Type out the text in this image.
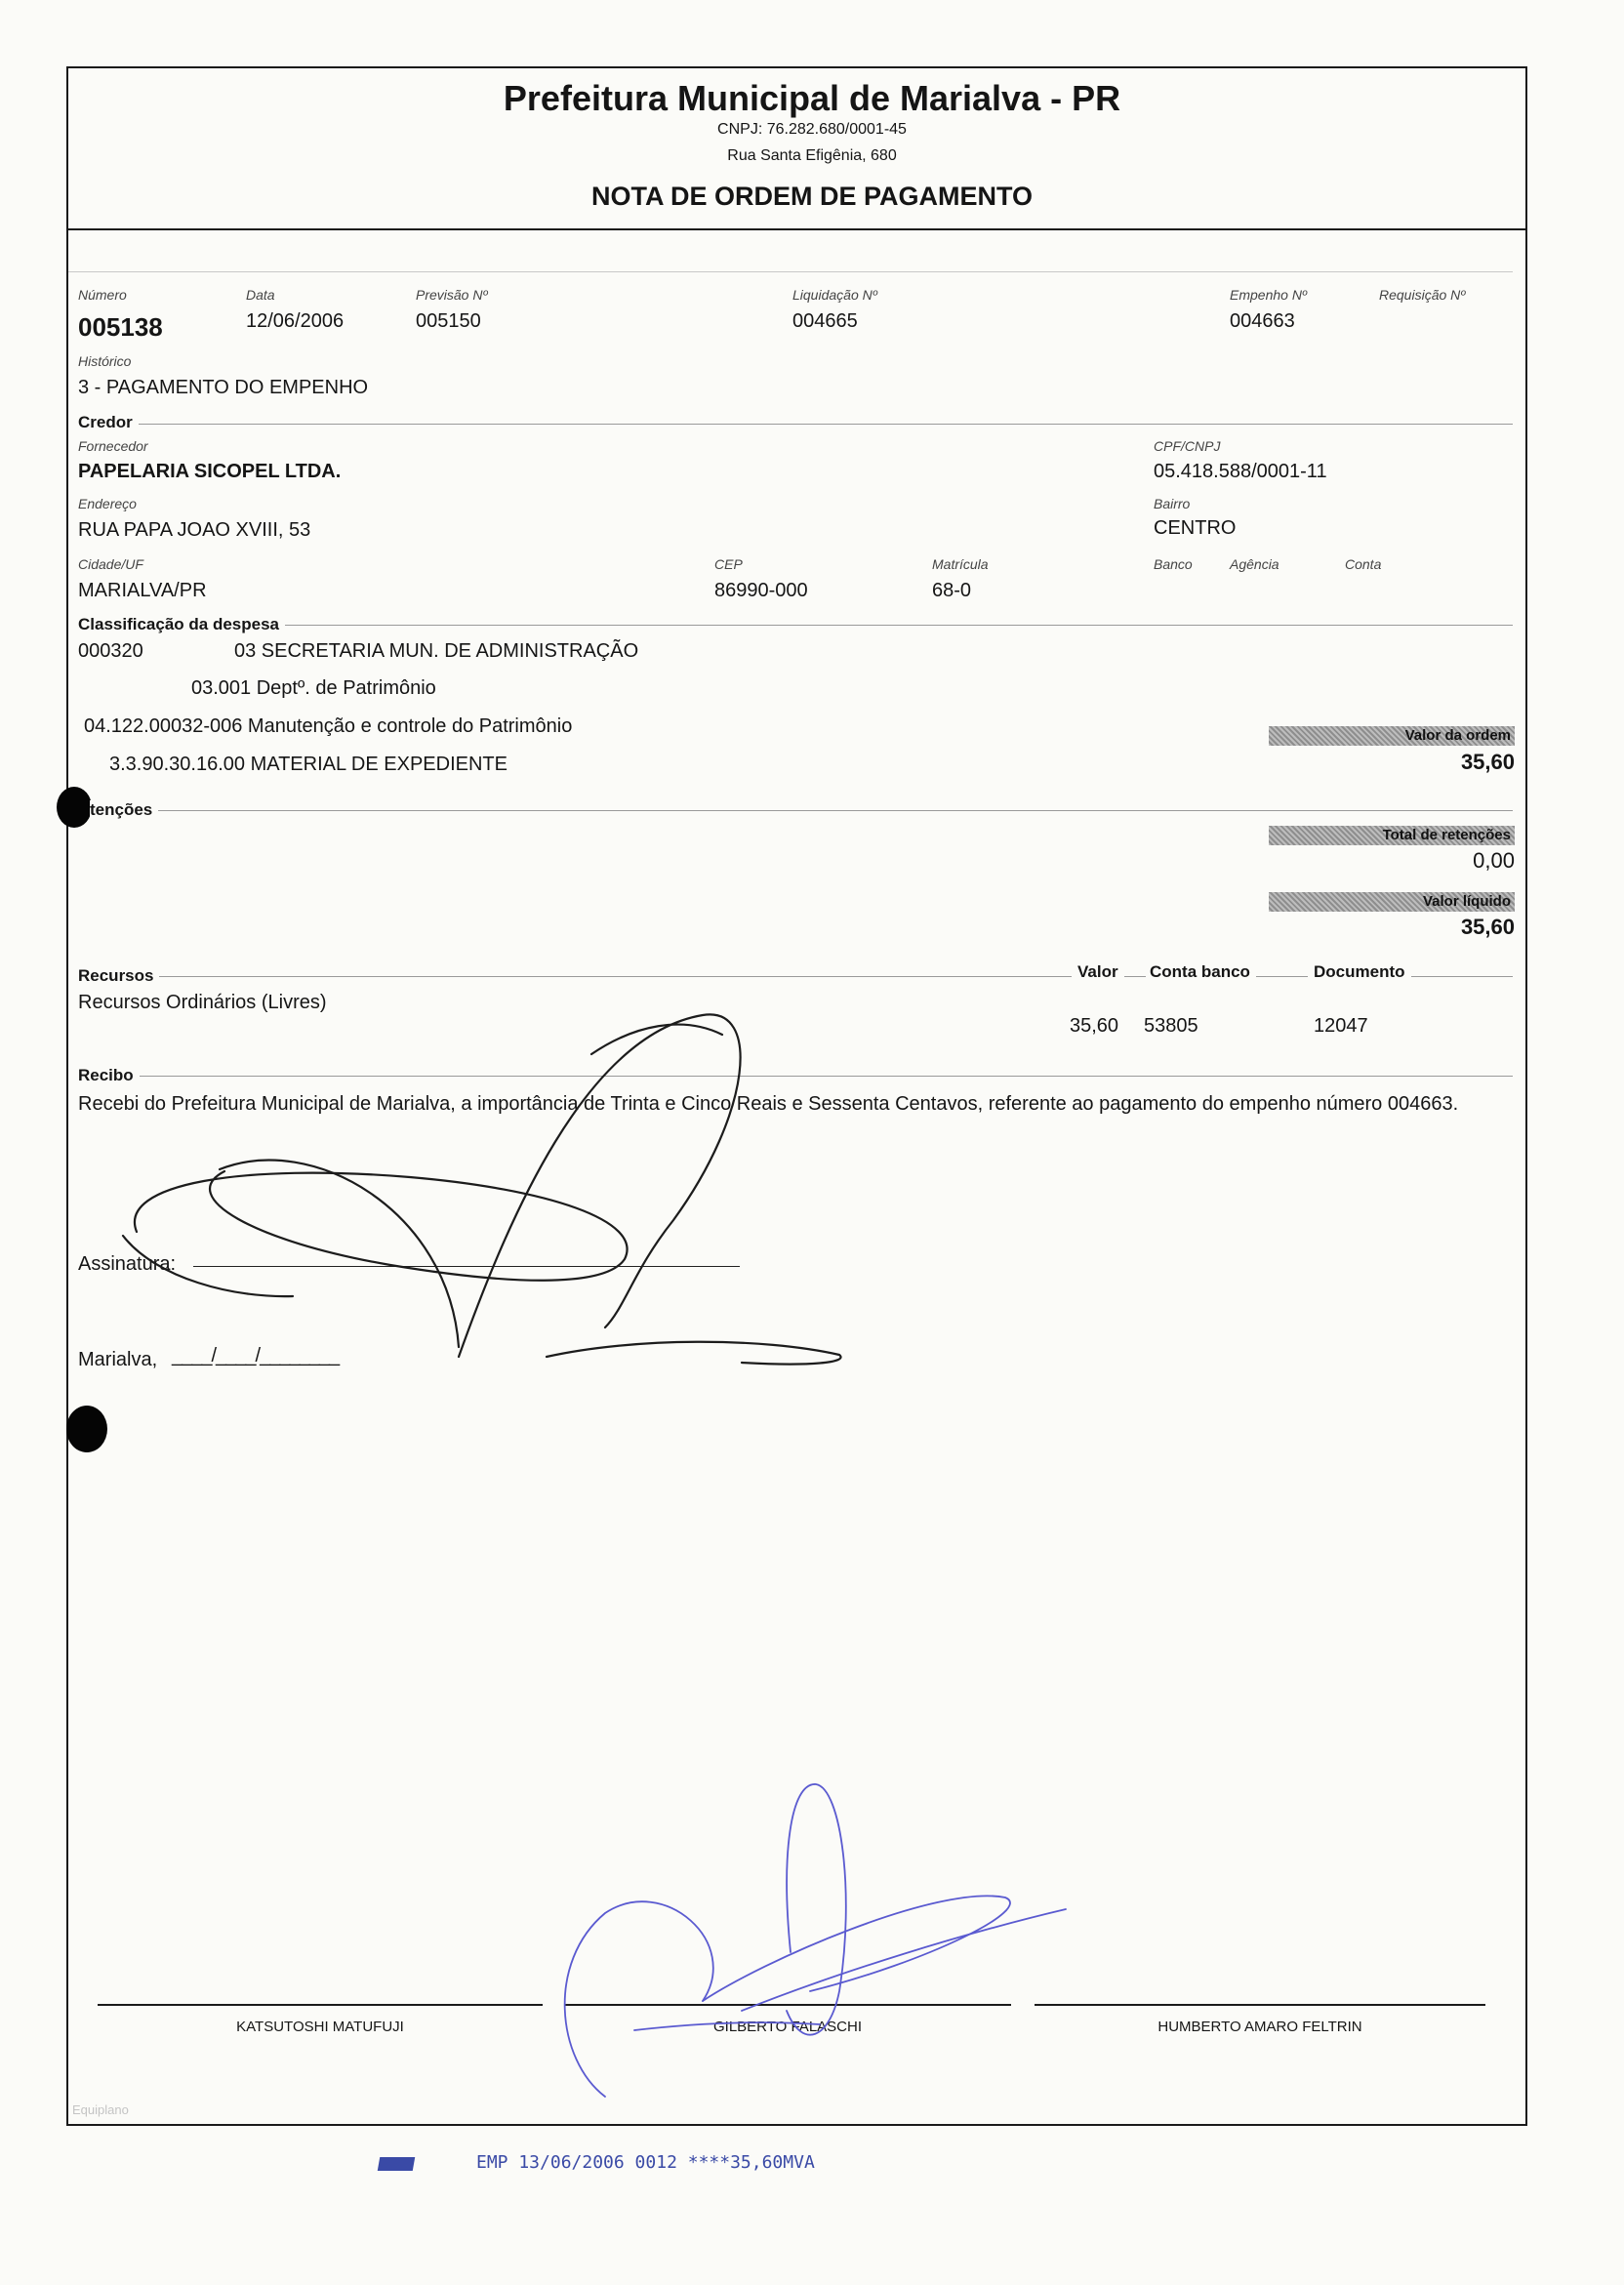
Prefeitura Municipal de Marialva - PR
CNPJ: 76.282.680/0001-45
Rua Santa Efigênia, 680
NOTA DE ORDEM DE PAGAMENTO
Número
005138
Data
12/06/2006
Previsão Nº
005150
Liquidação Nº
004665
Empenho Nº
004663
Requisição Nº
Histórico
3 - PAGAMENTO DO EMPENHO
Credor
Fornecedor
PAPELARIA SICOPEL LTDA.
CPF/CNPJ
05.418.588/0001-11
Endereço
RUA PAPA JOAO XVIII, 53
Bairro
CENTRO
Cidade/UF
MARIALVA/PR
CEP
86990-000
Matrícula
68-0
Banco	Agência	Conta
Classificação da despesa
000320	03 SECRETARIA MUN. DE ADMINISTRAÇÃO
03.001 Deptº. de Patrimônio
04.122.00032-006 Manutenção e controle do Patrimônio
3.3.90.30.16.00 MATERIAL DE EXPEDIENTE
Valor da ordem
35,60
tenções
Total de retenções
0,00
Valor líquido
35,60
Recursos	Valor	Conta banco	Documento
Recursos Ordinários (Livres)
35,60 53805	12047
Recibo
Recebi do Prefeitura Municipal de Marialva, a importância de Trinta e Cinco Reais e Sessenta Centavos, referente ao pagamento do empenho número 004663.
Assinatura:
Marialva, ____/____/________
KATSUTOSHI MATUFUJI	GILBERTO FALASCHI	HUMBERTO AMARO FELTRIN
Equiplano
EMP 13/06/2006 0012 ****35,60MVA
